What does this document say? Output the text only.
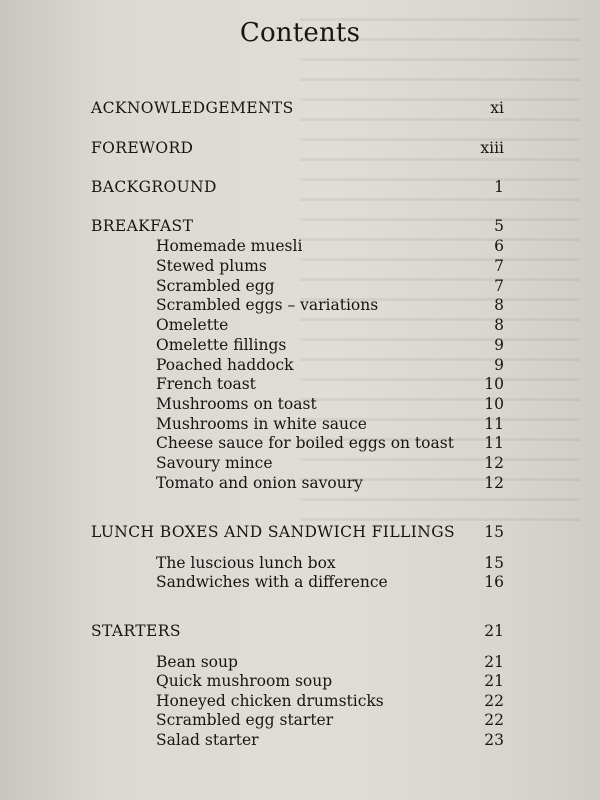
Contents
ACKNOWLEDGEMENTS	xi
FOREWORD	xiii
BACKGROUND	1
BREAKFAST	5
Homemade muesli	6
Stewed plums	7
Scrambled egg	7
Scrambled eggs – variations	8
Omelette	8
Omelette fillings	9
Poached haddock	9
French toast	10
Mushrooms on toast	10
Mushrooms in white sauce	11
Cheese sauce for boiled eggs on toast	11
Savoury mince	12
Tomato and onion savoury	12
LUNCH BOXES AND SANDWICH FILLINGS	15
The luscious lunch box	15
Sandwiches with a difference	16
STARTERS	21
Bean soup	21
Quick mushroom soup	21
Honeyed chicken drumsticks	22
Scrambled egg starter	22
Salad starter	23
